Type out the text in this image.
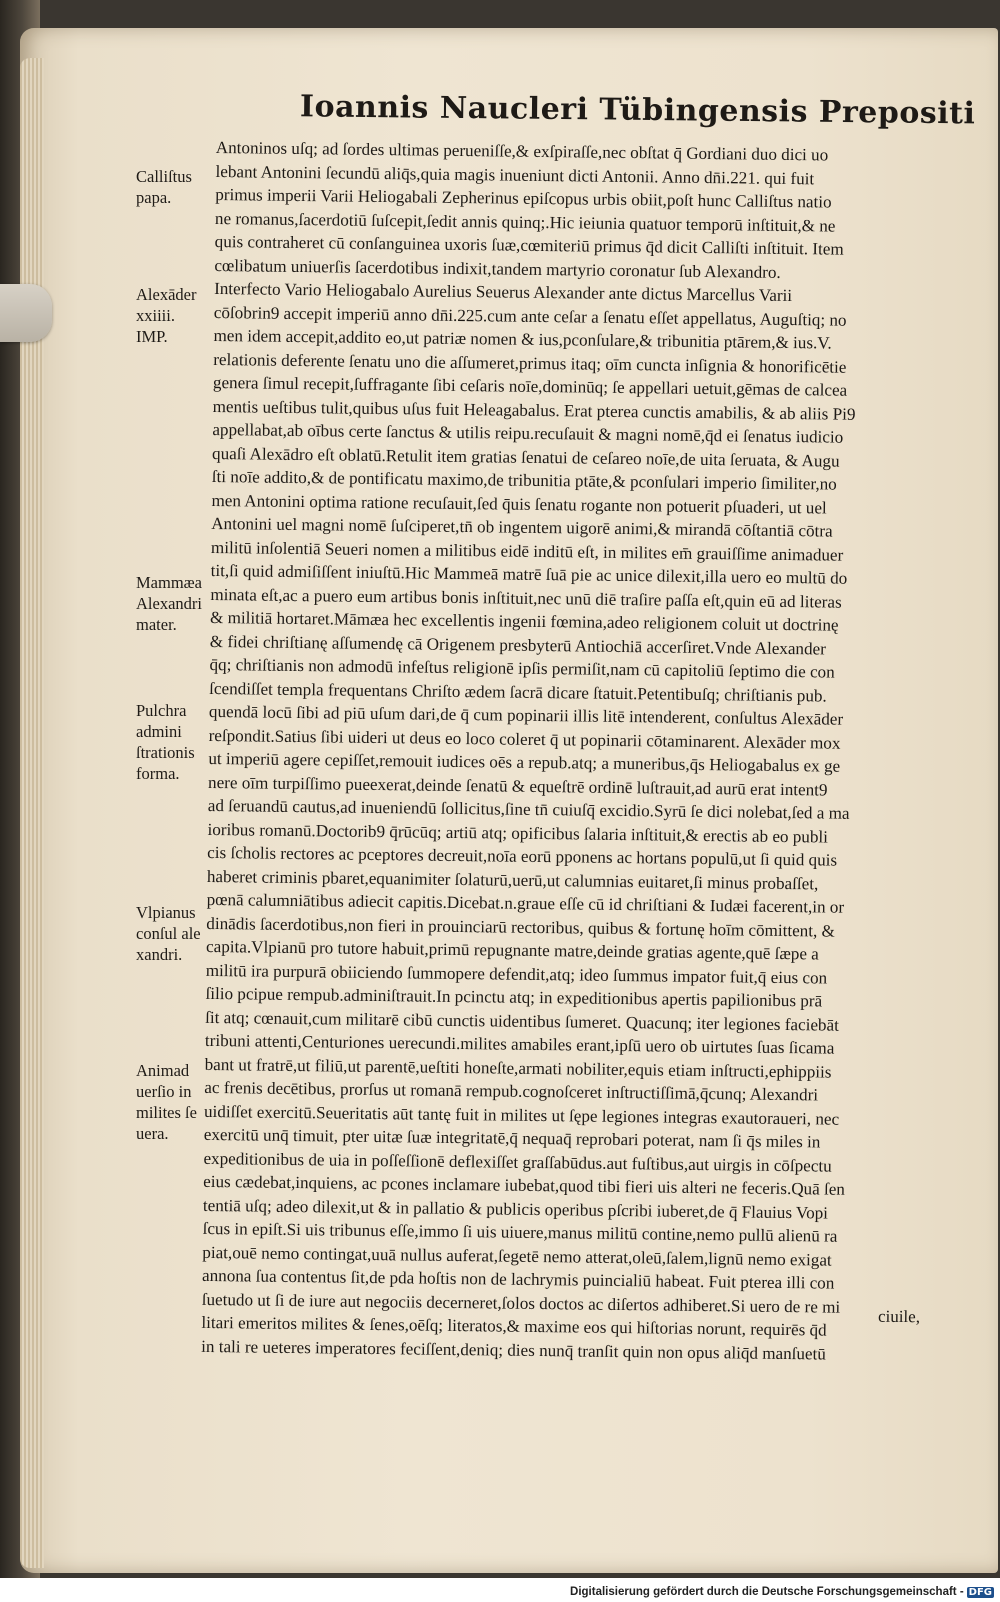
Ioannis Naucleri Tübingensis Prepositi
Calliſtus
papa.
Alexāder
xxiiii.
IMP.
Mammæa
Alexandri
mater.
Pulchra
admini
ſtrationis
forma.
Vlpianus
conſul ale
xandri.
Animad
uerſio in
milites ſe
uera.
Antoninos uſq; ad ſordes ultimas perueniſſe,& exſpiraſſe,nec obſtat q̄ Gordiani duo dici uo
lebant Antonini ſecundū aliq̄s,quia magis inueniunt dicti Antonii. Anno dn̄i.221. qui fuit
primus imperii Varii Heliogabali Zepherinus epiſcopus urbis obiit,poſt hunc Calliſtus natio
ne romanus,ſacerdotiū ſuſcepit,ſedit annis quinq;.Hic ieiunia quatuor temporū inſtituit,& ne
quis contraheret cū conſanguinea uxoris ſuæ,cœmiteriū primus q̄d dicit Calliſti inſtituit. Item
cœlibatum uniuerſis ſacerdotibus indixit,tandem martyrio coronatur ſub Alexandro.
Interfecto Vario Heliogabalo Aurelius Seuerus Alexander ante dictus Marcellus Varii
cōſobrin9 accepit imperiū anno dn̄i.225.cum ante ceſar a ſenatu eſſet appellatus, Auguſtiq; no
men idem accepit,addito eo,ut patriæ nomen & ius,pconſulare,& tribunitia ptārem,& ius.V.
relationis deferente ſenatu uno die aſſumeret,primus itaq; oīm cuncta inſignia & honorificētie
genera ſimul recepit,ſuffragante ſibi ceſaris noīe,dominūq; ſe appellari uetuit,gēmas de calcea
mentis ueſtibus tulit,quibus uſus fuit Heleagabalus. Erat pterea cunctis amabilis, & ab aliis Pi9
appellabat,ab oībus certe ſanctus & utilis reipu.recuſauit & magni nomē,q̄d ei ſenatus iudicio
quaſi Alexādro eſt oblatū.Retulit item gratias ſenatui de ceſareo noīe,de uita ſeruata, & Augu
ſti noīe addito,& de pontificatu maximo,de tribunitia ptāte,& pconſulari imperio ſimiliter,no
men Antonini optima ratione recuſauit,ſed q̄uis ſenatu rogante non potuerit pſuaderi, ut uel
Antonini uel magni nomē ſuſciperet,tn̄ ob ingentem uigorē animi,& mirandā cōſtantiā cōtra
militū inſolentiā Seueri nomen a militibus eidē inditū eſt, in milites em̄ grauiſſime animaduer
tit,ſi quid admiſiſſent iniuſtū.Hic Mammeā matrē ſuā pie ac unice dilexit,illa uero eo multū do
minata eſt,ac a puero eum artibus bonis inſtituit,nec unū diē traſire paſſa eſt,quin eū ad literas
& militiā hortaret.Māmæa hec excellentis ingenii fœmina,adeo religionem coluit ut doctrinę
& fidei chriſtianę aſſumendę cā Origenem presbyterū Antiochiā accerſiret.Vnde Alexander
q̄q; chriſtianis non admodū infeſtus religionē ipſis permiſit,nam cū capitoliū ſeptimo die con
ſcendiſſet templa frequentans Chriſto ædem ſacrā dicare ſtatuit.Petentibuſq; chriſtianis pub.
quendā locū ſibi ad piū uſum dari,de q̄ cum popinarii illis litē intenderent, conſultus Alexāder
reſpondit.Satius ſibi uideri ut deus eo loco coleret q̄ ut popinarii cōtaminarent. Alexāder mox
ut imperiū agere cepiſſet,remouit iudices oēs a repub.atq; a muneribus,q̄s Heliogabalus ex ge
nere oīm turpiſſimo pueexerat,deinde ſenatū & equeſtrē ordinē luſtrauit,ad aurū erat intent9
ad ſeruandū cautus,ad inueniendū ſollicitus,ſine tn̄ cuiuſq̄ excidio.Syrū ſe dici nolebat,ſed a ma
ioribus romanū.Doctorib9 q̄rūcūq; artiū atq; opificibus ſalaria inſtituit,& erectis ab eo publi
cis ſcholis rectores ac pceptores decreuit,noīa eorū pponens ac hortans populū,ut ſi quid quis
haberet criminis pbaret,equanimiter ſolaturū,uerū,ut calumnias euitaret,ſi minus probaſſet,
pœnā calumniātibus adiecit capitis.Dicebat.n.graue eſſe cū id chriſtiani & Iudæi facerent,in or
dinādis ſacerdotibus,non fieri in prouinciarū rectoribus, quibus & fortunę hoīm cōmittent, &
capita.Vlpianū pro tutore habuit,primū repugnante matre,deinde gratias agente,quē ſæpe a
militū ira purpurā obiiciendo ſummopere defendit,atq; ideo ſummus impator fuit,q̄ eius con
ſilio pcipue rempub.adminiſtrauit.In pcinctu atq; in expeditionibus apertis papilionibus prā
ſit atq; cœnauit,cum militarē cibū cunctis uidentibus ſumeret. Quacunq; iter legiones faciebāt
tribuni attenti,Centuriones uerecundi.milites amabiles erant,ipſū uero ob uirtutes ſuas ſicama
bant ut fratrē,ut filiū,ut parentē,ueſtiti honeſte,armati nobiliter,equis etiam inſtructi,ephippiis
ac frenis decētibus, prorſus ut romanā rempub.cognoſceret inſtructiſſimā,q̄cunq; Alexandri
uidiſſet exercitū.Seueritatis aūt tantę fuit in milites ut ſępe legiones integras exautoraueri, nec
exercitū unq̄ timuit, pter uitæ ſuæ integritatē,q̄ nequaq̄ reprobari poterat, nam ſi q̄s miles in
expeditionibus de uia in poſſeſſionē deflexiſſet graſſabūdus.aut fuſtibus,aut uirgis in cōſpectu
eius cædebat,inquiens, ac pcones inclamare iubebat,quod tibi fieri uis alteri ne feceris.Quā ſen
tentiā uſq; adeo dilexit,ut & in pallatio & publicis operibus pſcribi iuberet,de q̄ Flauius Vopi
ſcus in epiſt.Si uis tribunus eſſe,immo ſi uis uiuere,manus militū contine,nemo pullū alienū ra
piat,ouē nemo contingat,uuā nullus auferat,ſegetē nemo atterat,oleū,ſalem,lignū nemo exigat
annona ſua contentus ſit,de pda hoſtis non de lachrymis puincialiū habeat. Fuit pterea illi con
ſuetudo ut ſi de iure aut negociis decerneret,ſolos doctos ac diſertos adhiberet.Si uero de re mi
litari emeritos milites & ſenes,oēſq; literatos,& maxime eos qui hiſtorias norunt, requirēs q̄d
in tali re ueteres imperatores feciſſent,deniq; dies nunq̄ tranſit quin non opus aliq̄d manſuetū
ciuile,
Digitalisierung gefördert durch die Deutsche Forschungsgemeinschaft - DFG
